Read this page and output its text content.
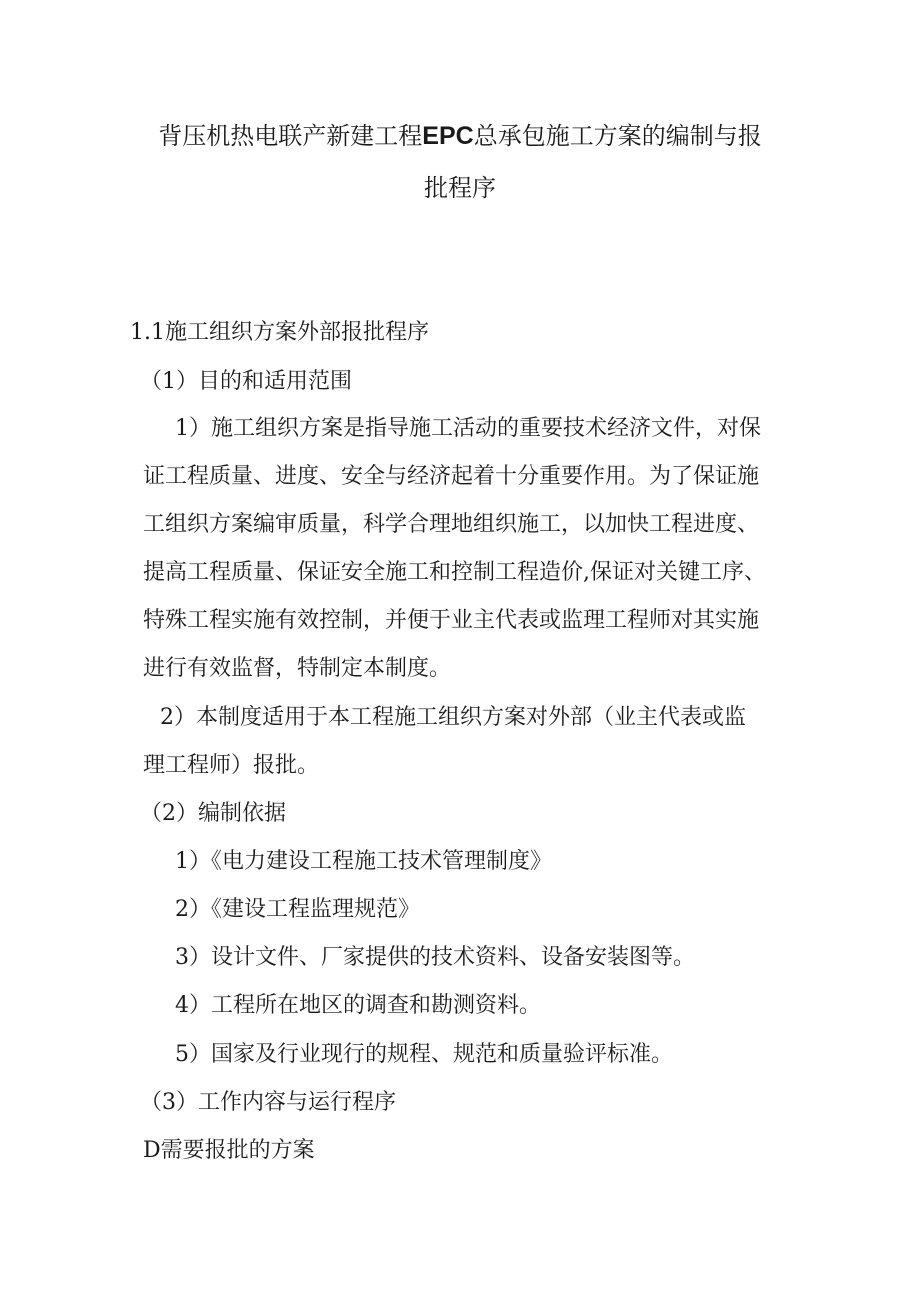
背压机热电联产新建工程EPC总承包施工方案的编制与报
批程序
1.1施工组织方案外部报批程序
（1）目的和适用范围
1）施工组织方案是指导施工活动的重要技术经济文件，对保
证工程质量、进度、安全与经济起着十分重要作用。为了保证施
工组织方案编审质量，科学合理地组织施工，以加快工程进度、
提高工程质量、保证安全施工和控制工程造价,保证对关键工序、
特殊工程实施有效控制，并便于业主代表或监理工程师对其实施
进行有效监督，特制定本制度。
2）本制度适用于本工程施工组织方案对外部（业主代表或监
理工程师）报批。
（2）编制依据
1）《电力建设工程施工技术管理制度》
2）《建设工程监理规范》
3）设计文件、厂家提供的技术资料、设备安装图等。
4）工程所在地区的调查和勘测资料。
5）国家及行业现行的规程、规范和质量验评标准。
（3）工作内容与运行程序
D需要报批的方案
